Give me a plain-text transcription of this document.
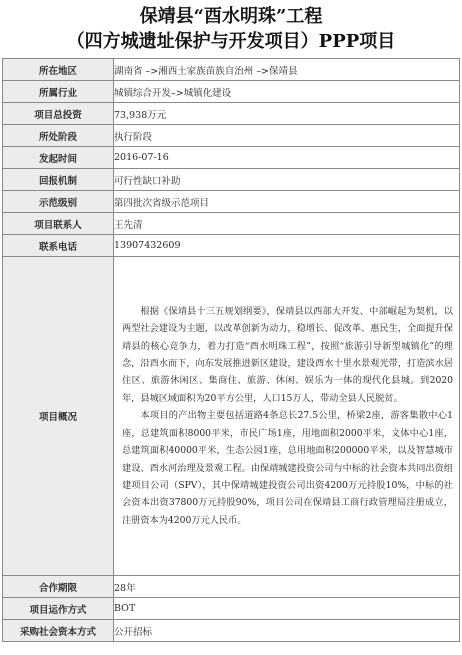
保靖县“酉水明珠”工程
（四方城遗址保护与开发项目）PPP项目
所在地区	湖南省 –>湘西土家族苗族自治州 –>保靖县
所属行业	城镇综合开发–>城镇化建设
项目总投资	73,938万元
所处阶段	执行阶段
发起时间	2016-07-16
回报机制	可行性缺口补助
示范级别	第四批次省级示范项目
项目联系人	王先清
联系电话	13907432609
项目概况	根据《保靖县十三五规划纲要》，保靖县以西部大开发、中部崛起为契机，以两型社会建设为主题，以改革创新为动力，稳增长、促改革、惠民生，全面提升保靖县的核心竞争力，着力打造“酉水明珠工程”，按照“旅游引导新型城镇化”的理念，沿酉水而下，向东发展推进新区建设，建设酉水十里水景观光带，打造滨水居住区、旅游休闲区、集商住、旅游、休闲、娱乐为一体的现代化县城。到2020年，县城区域面积为20平方公里，人口15万人，带动全县人民脱贫。

本项目的产出物主要包括道路4条总长27.5公里，桥梁2座，游客集散中心1座，总建筑面积8000平米，市民广场1座，用地面积2000平米，文体中心1座，总建筑面积40000平米，生态公园1座，总用地面积200000平米，以及智慧城市建设、酉水河治理及景观工程。由保靖城建投资公司与中标的社会资本共同出资组建项目公司（SPV），其中保靖城建投资公司出资4200万元持股10%，中标的社会资本出资37800万元持股90%，项目公司在保靖县工商行政管理局注册成立，注册资本为4200万元人民币。

合作期限	28年
项目运作方式	BOT
采购社会资本方式	公开招标
